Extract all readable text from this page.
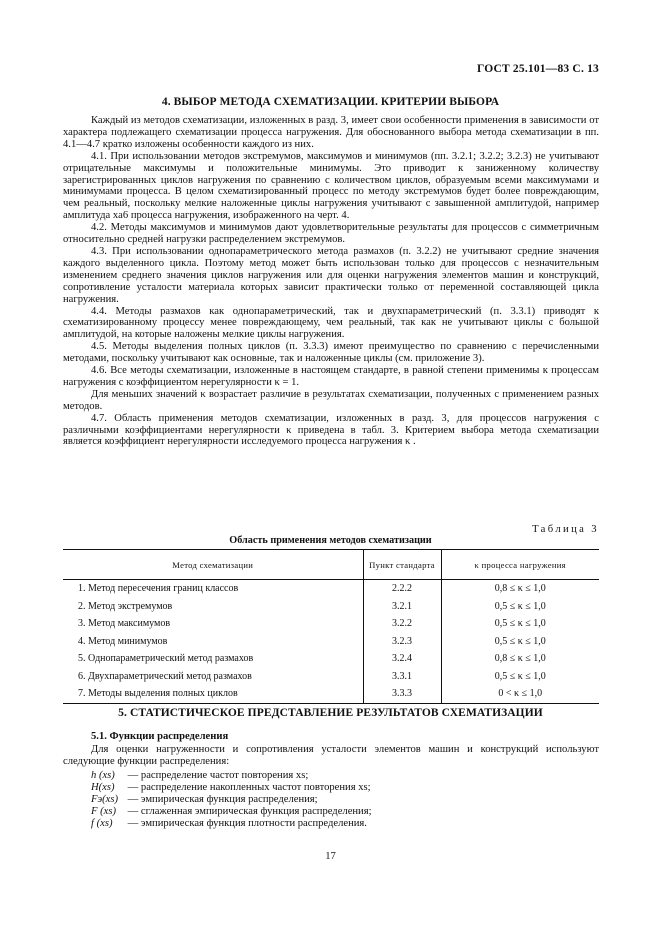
ГОСТ 25.101—83 С. 13
4. ВЫБОР МЕТОДА СХЕМАТИЗАЦИИ. КРИТЕРИИ ВЫБОРА

Каждый из методов схематизации, изложенных в разд. 3, имеет свои особенности применения в зависимости от характера подлежащего схематизации процесса нагружения. Для обоснованного выбора метода схематизации в пп. 4.1—4.7 кратко изложены особенности каждого из них.

4.1. При использовании методов экстремумов, максимумов и минимумов (пп. 3.2.1; 3.2.2; 3.2.3) не учитывают отрицательные максимумы и положительные минимумы. Это приводит к заниженному количеству зарегистрированных циклов нагружения по сравнению с количеством циклов, образуемым всеми максимумами и минимумами процесса. В целом схематизированный процесс по методу экстремумов будет более повреждающим, чем реальный, поскольку мелкие наложенные циклы нагружения учитывают с завышенной амплитудой, например амплитуда xа6 процесса нагружения, изображенного на черт. 4.

4.2. Методы максимумов и минимумов дают удовлетворительные результаты для процессов с симметричным относительно средней нагрузки распределением экстремумов.

4.3. При использовании однопараметрического метода размахов (п. 3.2.2) не учитывают средние значения каждого выделенного цикла. Поэтому метод может быть использован только для процессов с незначительным изменением среднего значения циклов нагружения или для оценки нагружения элементов машин и конструкций, сопротивление усталости материала которых зависит практически только от переменной составляющей цикла нагружения.

4.4. Методы размахов как однопараметрический, так и двухпараметрический (п. 3.3.1) приводят к схематизированному процессу менее повреждающему, чем реальный, так как не учитывают циклы с большой амплитудой, на которые наложены мелкие циклы нагружения.

4.5. Методы выделения полных циклов (п. 3.3.3) имеют преимущество по сравнению с перечисленными методами, поскольку учитывают как основные, так и наложенные циклы (см. приложение 3).

4.6. Все методы схематизации, изложенные в настоящем стандарте, в равной степени применимы к процессам нагружения с коэффициентом нерегулярности κ = 1.

Для меньших значений κ возрастает различие в результатах схематизации, полученных с применением разных методов.

4.7. Область применения методов схематизации, изложенных в разд. 3, для процессов нагружения с различными коэффициентами нерегулярности κ приведена в табл. 3. Критерием выбора метода схематизации является коэффициент нерегулярности исследуемого процесса нагружения κ .

Таблица 3
Область применения методов схематизации
Метод схематизации	Пункт стандарта	κ процесса нагружения
1. Метод пересечения границ классов	2.2.2	0,8 ≤ κ ≤ 1,0
2. Метод экстремумов	3.2.1	0,5 ≤ κ ≤ 1,0
3. Метод максимумов	3.2.2	0,5 ≤ κ ≤ 1,0
4. Метод минимумов	3.2.3	0,5 ≤ κ ≤ 1,0
5. Однопараметрический метод размахов	3.2.4	0,8 ≤ κ ≤ 1,0
6. Двухпараметрический метод размахов	3.3.1	0,5 ≤ κ ≤ 1,0
7. Методы выделения полных циклов	3.3.3	0 < κ ≤ 1,0
5. СТАТИСТИЧЕСКОЕ ПРЕДСТАВЛЕНИЕ РЕЗУЛЬТАТОВ СХЕМАТИЗАЦИИ
5.1. Функции распределения

Для оценки нагруженности и сопротивления усталости элементов машин и конструкций используют следующие функции распределения:

h (xs) — распределение частот повторения xs;
H(xs) — распределение накопленных частот повторения xs;
Fэ(xs) — эмпирическая функция распределения;
F (xs) — сглаженная эмпирическая функция распределения;
f (xs) — эмпирическая функция плотности распределения.
17
